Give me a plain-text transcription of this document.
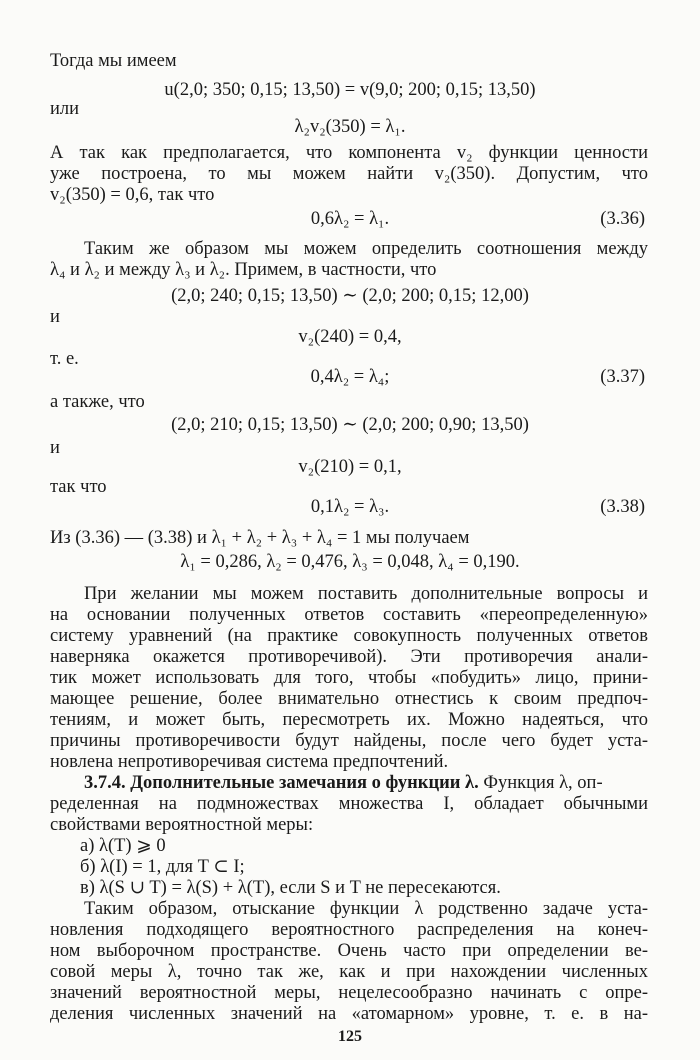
Тогда мы имеем
u(2,0; 350; 0,15; 13,50) = v(9,0; 200; 0,15; 13,50)
или
λ₂v₂(350) = λ₁.
А так как предполагается, что компонента v₂ функции ценности
уже построена, то мы можем найти v₂(350). Допустим, что
v₂(350) = 0,6, так что
0,6λ₂ = λ₁.	(3.36)
Таким же образом мы можем определить соотношения между
λ₄ и λ₂ и между λ₃ и λ₂. Примем, в частности, что
(2,0; 240; 0,15; 13,50) ∼ (2,0; 200; 0,15; 12,00)
и
v₂(240) = 0,4,
т. е.
0,4λ₂ = λ₄;	(3.37)
а также, что
(2,0; 210; 0,15; 13,50) ∼ (2,0; 200; 0,90; 13,50)
и
v₂(210) = 0,1,
так что
0,1λ₂ = λ₃.	(3.38)
Из (3.36) — (3.38) и λ₁ + λ₂ + λ₃ + λ₄ = 1 мы получаем
λ₁ = 0,286, λ₂ = 0,476, λ₃ = 0,048, λ₄ = 0,190.
При желании мы можем поставить дополнительные вопросы и
на основании полученных ответов составить «переопределенную»
систему уравнений (на практике совокупность полученных ответов
наверняка окажется противоречивой). Эти противоречия анали-
тик может использовать для того, чтобы «побудить» лицо, прини-
мающее решение, более внимательно отнестись к своим предпоч-
тениям, и может быть, пересмотреть их. Можно надеяться, что
причины противоречивости будут найдены, после чего будет уста-
новлена непротиворечивая система предпочтений.
3.7.4. Дополнительные замечания о функции λ. Функция λ, оп-
ределенная на подмножествах множества I, обладает обычными
свойствами вероятностной меры:
а) λ(T) ⩾ 0
б) λ(I) = 1, для T ⊂ I;
в) λ(S ∪ T) = λ(S) + λ(T), если S и T не пересекаются.
Таким образом, отыскание функции λ родственно задаче уста-
новления подходящего вероятностного распределения на конеч-
ном выборочном пространстве. Очень часто при определении ве-
совой меры λ, точно так же, как и при нахождении численных
значений вероятностной меры, нецелесообразно начинать с опре-
деления численных значений на «атомарном» уровне, т. е. в на-
125
